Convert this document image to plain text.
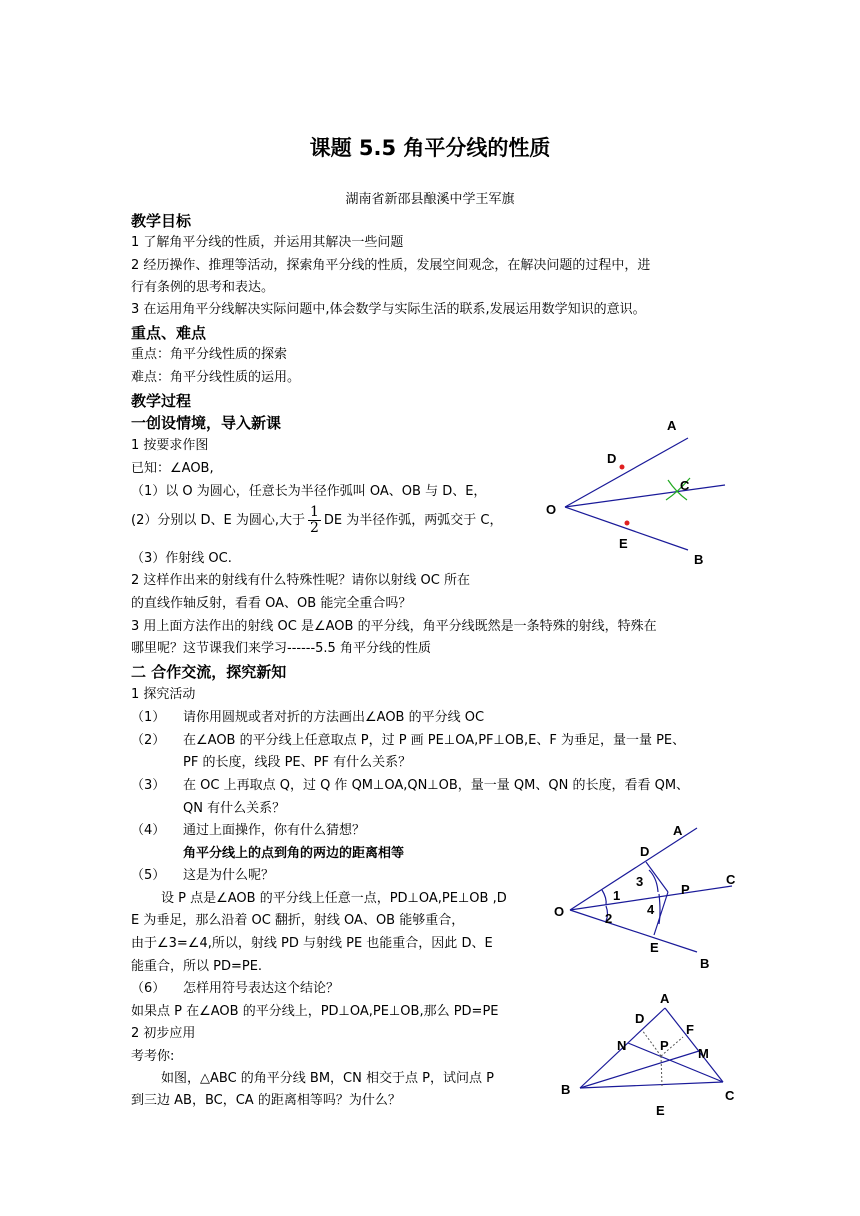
课题 5.5 角平分线的性质
湖南省新邵县酿溪中学王军旗
教学目标
1 了解角平分线的性质，并运用其解决一些问题
2 经历操作、推理等活动，探索角平分线的性质，发展空间观念，在解决问题的过程中，进
行有条例的思考和表达。
3 在运用角平分线解决实际问题中,体会数学与实际生活的联系,发展运用数学知识的意识。
重点、难点
重点：角平分线性质的探索
难点：角平分线性质的运用。
教学过程
一创设情境，导入新课
1 按要求作图
已知：∠AOB,
（1）以 O 为圆心，任意长为半径作弧叫 OA、OB 与 D、E，
(2）分别以 D、E 为圆心,大于 $\frac{1}{2}$ DE 为半径作弧，两弧交于 C，
（3）作射线 OC.
2 这样作出来的射线有什么特殊性呢？请你以射线 OC 所在
的直线作轴反射，看看 OA、OB 能完全重合吗？
3 用上面方法作出的射线 OC 是∠AOB 的平分线，角平分线既然是一条特殊的射线，特殊在
哪里呢？这节课我们来学习------5.5 角平分线的性质
二 合作交流，探究新知
1 探究活动
（1） 请你用圆规或者对折的方法画出∠AOB 的平分线 OC
（2） 在∠AOB 的平分线上任意取点 P，过 P 画 PE⊥OA,PF⊥OB,E、F 为垂足，量一量 PE、
PF 的长度，线段 PE、PF 有什么关系？
（3） 在 OC 上再取点 Q，过 Q 作 QM⊥OA,QN⊥OB，量一量 QM、QN 的长度，看看 QM、
QN 有什么关系？
（4） 通过上面操作，你有什么猜想？
角平分线上的点到角的两边的距离相等
（5） 这是为什么呢？
设 P 点是∠AOB 的平分线上任意一点，PD⊥OA,PE⊥OB ,D
E 为垂足，那么沿着 OC 翻折，射线 OA、OB 能够重合，
由于∠3=∠4,所以，射线 PD 与射线 PE 也能重合，因此 D、E
能重合，所以 PD=PE.
（6） 怎样用符号表达这个结论？
如果点 P 在∠AOB 的平分线上，PD⊥OA,PE⊥OB,那么 PD=PE
2 初步应用
考考你:
如图，△ABC 的角平分线 BM，CN 相交于点 P，试问点 P
到三边 AB，BC，CA 的距离相等吗？为什么？
A
D
C
O
E
B
A
D
C
3
1	P
O	2
4
E
B
A
D
F
N	P
M
B	C
E
